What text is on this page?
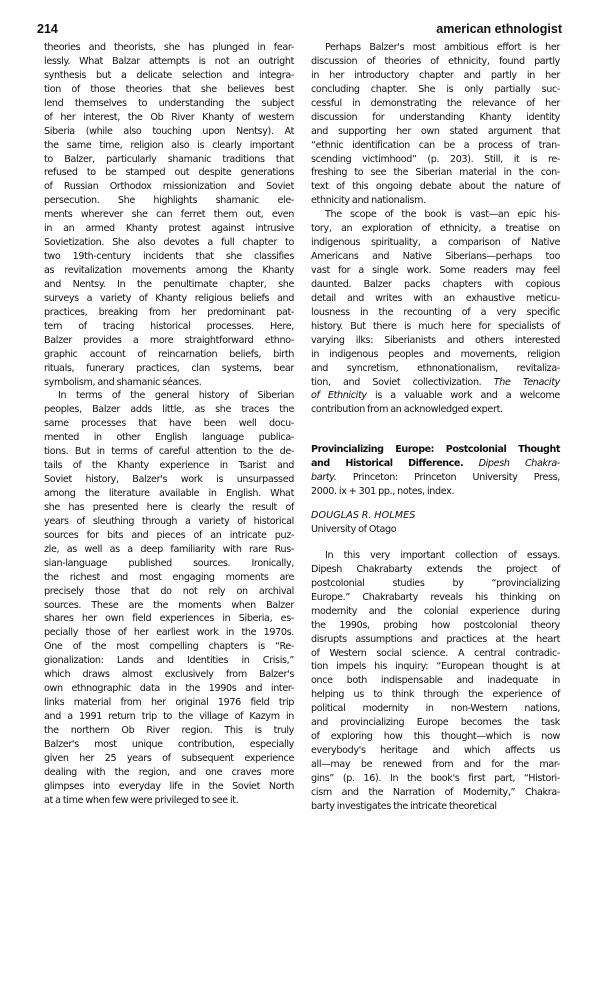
214	american ethnologist
theories and theorists, she has plunged in fear-
lessly. What Balzar attempts is not an outright
synthesis but a delicate selection and integra-
tion of those theories that she believes best
lend themselves to understanding the subject
of her interest, the Ob River Khanty of western
Siberia (while also touching upon Nentsy). At
the same time, religion also is clearly important
to Balzer, particularly shamanic traditions that
refused to be stamped out despite generations
of Russian Orthodox missionization and Soviet
persecution. She highlights shamanic ele-
ments wherever she can ferret them out, even
in an armed Khanty protest against intrusive
Sovietization. She also devotes a full chapter to
two 19th-century incidents that she classifies
as revitalization movements among the Khanty
and Nentsy. In the penultimate chapter, she
surveys a variety of Khanty religious beliefs and
practices, breaking from her predominant pat-
tern of tracing historical processes. Here,
Balzer provides a more straightforward ethno-
graphic account of reincarnation beliefs, birth
rituals, funerary practices, clan systems, bear
symbolism, and shamanic séances.
In terms of the general history of Siberian
peoples, Balzer adds little, as she traces the
same processes that have been well docu-
mented in other English language publica-
tions. But in terms of careful attention to the de-
tails of the Khanty experience in Tsarist and
Soviet history, Balzer's work is unsurpassed
among the literature available in English. What
she has presented here is clearly the result of
years of sleuthing through a variety of historical
sources for bits and pieces of an intricate puz-
zle, as well as a deep familiarity with rare Rus-
sian-language published sources. Ironically,
the richest and most engaging moments are
precisely those that do not rely on archival
sources. These are the moments when Balzer
shares her own field experiences in Siberia, es-
pecially those of her earliest work in the 1970s.
One of the most compelling chapters is “Re-
gionalization: Lands and Identities in Crisis,”
which draws almost exclusively from Balzer's
own ethnographic data in the 1990s and inter-
links material from her original 1976 field trip
and a 1991 return trip to the village of Kazym in
the northern Ob River region. This is truly
Balzer's most unique contribution, especially
given her 25 years of subsequent experience
dealing with the region, and one craves more
glimpses into everyday life in the Soviet North
at a time when few were privileged to see it.
Perhaps Balzer's most ambitious effort is her
discussion of theories of ethnicity, found partly
in her introductory chapter and partly in her
concluding chapter. She is only partially suc-
cessful in demonstrating the relevance of her
discussion for understanding Khanty identity
and supporting her own stated argument that
“ethnic identification can be a process of tran-
scending victimhood” (p. 203). Still, it is re-
freshing to see the Siberian material in the con-
text of this ongoing debate about the nature of
ethnicity and nationalism.
The scope of the book is vast—an epic his-
tory, an exploration of ethnicity, a treatise on
indigenous spirituality, a comparison of Native
Americans and Native Siberians—perhaps too
vast for a single work. Some readers may feel
daunted. Balzer packs chapters with copious
detail and writes with an exhaustive meticu-
lousness in the recounting of a very specific
history. But there is much here for specialists of
varying ilks: Siberianists and others interested
in indigenous peoples and movements, religion
and syncretism, ethnonationalism, revitaliza-
tion, and Soviet collectivization. The Tenacity
of Ethnicity is a valuable work and a welcome
contribution from an acknowledged expert.
Provincializing Europe: Postcolonial Thought
and Historical Difference. Dipesh Chakra-
barty. Princeton: Princeton University Press,
2000. ix + 301 pp., notes, index.
DOUGLAS R. HOLMES
University of Otago
In this very important collection of essays.
Dipesh Chakrabarty extends the project of
postcolonial studies by “provincializing
Europe.” Chakrabarty reveals his thinking on
modernity and the colonial experience during
the 1990s, probing how postcolonial theory
disrupts assumptions and practices at the heart
of Western social science. A central contradic-
tion impels his inquiry: “European thought is at
once both indispensable and inadequate in
helping us to think through the experience of
political modernity in non-Western nations,
and provincializing Europe becomes the task
of exploring how this thought—which is now
everybody's heritage and which affects us
all—may be renewed from and for the mar-
gins” (p. 16). In the book's first part, “Histori-
cism and the Narration of Modernity,” Chakra-
barty investigates the intricate theoretical
